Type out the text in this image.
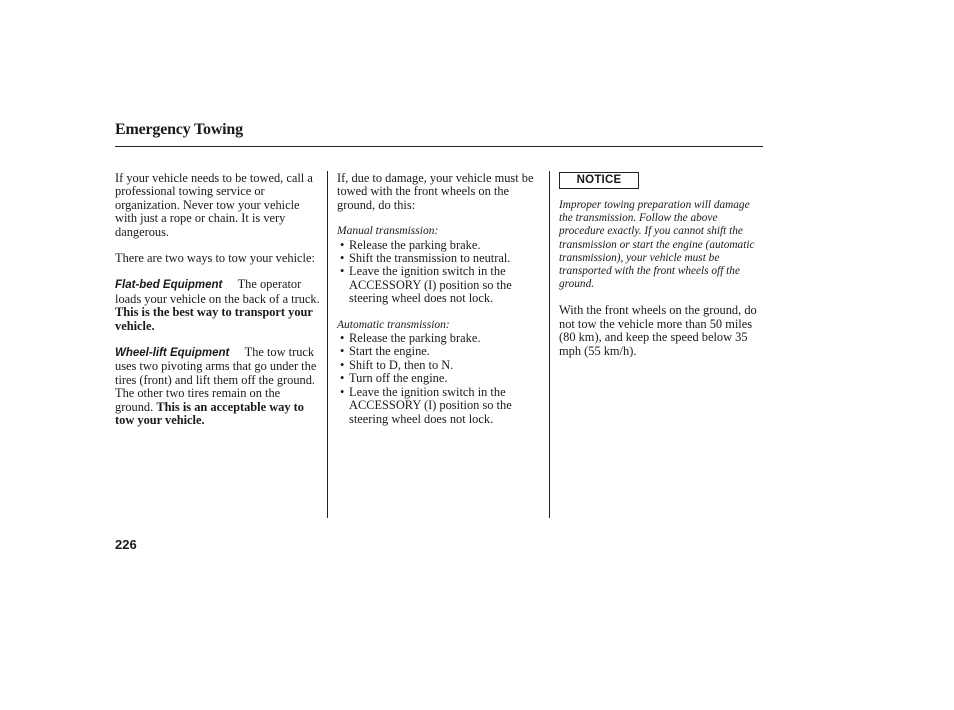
Emergency Towing

If your vehicle needs to be towed, call a professional towing service or organization. Never tow your vehicle with just a rope or chain. It is very dangerous.

There are two ways to tow your vehicle:

Flat-bed Equipment The operator loads your vehicle on the back of a truck. This is the best way to transport your vehicle.

Wheel-lift Equipment The tow truck uses two pivoting arms that go under the tires (front) and lift them off the ground. The other two tires remain on the ground. This is an acceptable way to tow your vehicle.

If, due to damage, your vehicle must be towed with the front wheels on the ground, do this:

Manual transmission:

• Release the parking brake.
• Shift the transmission to neutral.
• Leave the ignition switch in the ACCESSORY (I) position so the steering wheel does not lock.

Automatic transmission:

• Release the parking brake.
• Start the engine.
• Shift to D, then to N.
• Turn off the engine.
• Leave the ignition switch in the ACCESSORY (I) position so the steering wheel does not lock.
NOTICE

Improper towing preparation will damage the transmission. Follow the above procedure exactly. If you cannot shift the transmission or start the engine (automatic transmission), your vehicle must be transported with the front wheels off the ground.

With the front wheels on the ground, do not tow the vehicle more than 50 miles (80 km), and keep the speed below 35 mph (55 km/h).

226
